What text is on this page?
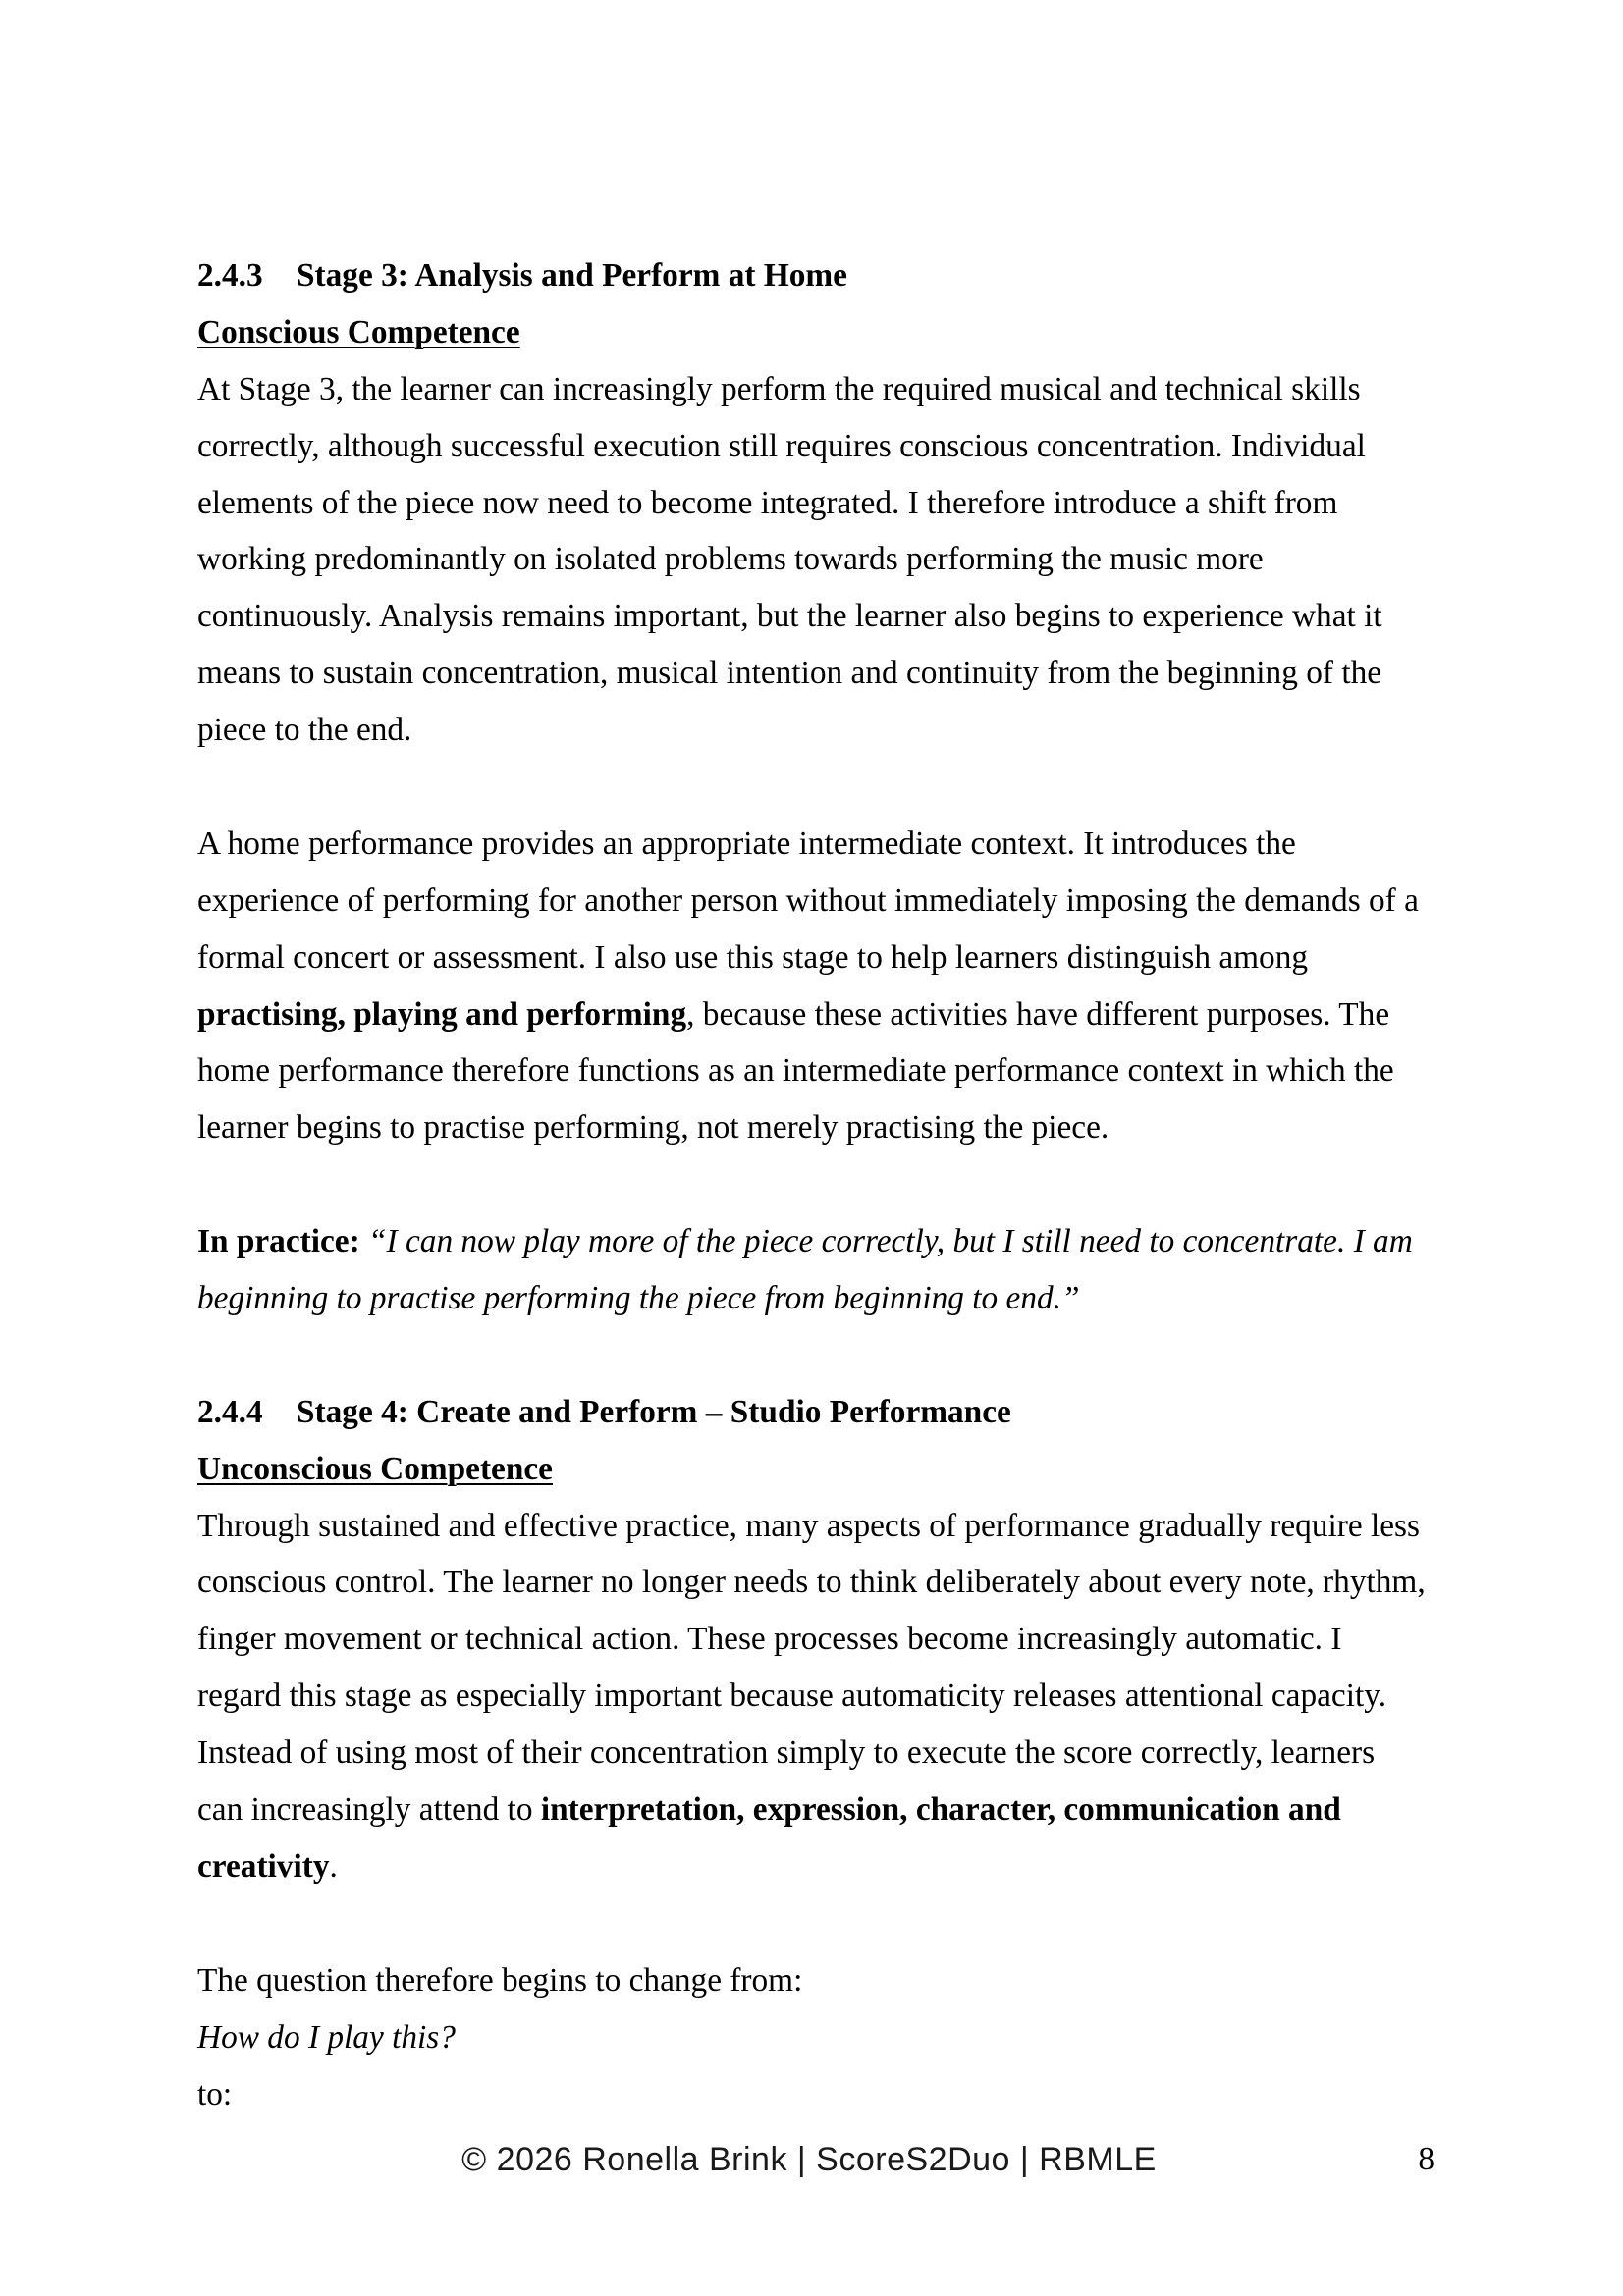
2.4.3 Stage 3: Analysis and Perform at Home
Conscious Competence
At Stage 3, the learner can increasingly perform the required musical and technical skills
correctly, although successful execution still requires conscious concentration. Individual
elements of the piece now need to become integrated. I therefore introduce a shift from
working predominantly on isolated problems towards performing the music more
continuously. Analysis remains important, but the learner also begins to experience what it
means to sustain concentration, musical intention and continuity from the beginning of the
piece to the end.
A home performance provides an appropriate intermediate context. It introduces the
experience of performing for another person without immediately imposing the demands of a
formal concert or assessment. I also use this stage to help learners distinguish among
practising, playing and performing, because these activities have different purposes. The
home performance therefore functions as an intermediate performance context in which the
learner begins to practise performing, not merely practising the piece.
In practice: “I can now play more of the piece correctly, but I still need to concentrate. I am
beginning to practise performing the piece from beginning to end.”
2.4.4 Stage 4: Create and Perform – Studio Performance
Unconscious Competence
Through sustained and effective practice, many aspects of performance gradually require less
conscious control. The learner no longer needs to think deliberately about every note, rhythm,
finger movement or technical action. These processes become increasingly automatic. I
regard this stage as especially important because automaticity releases attentional capacity.
Instead of using most of their concentration simply to execute the score correctly, learners
can increasingly attend to interpretation, expression, character, communication and
creativity.
The question therefore begins to change from:
How do I play this?
to:
© 2026 Ronella Brink | ScoreS2Duo | RBMLE	8
